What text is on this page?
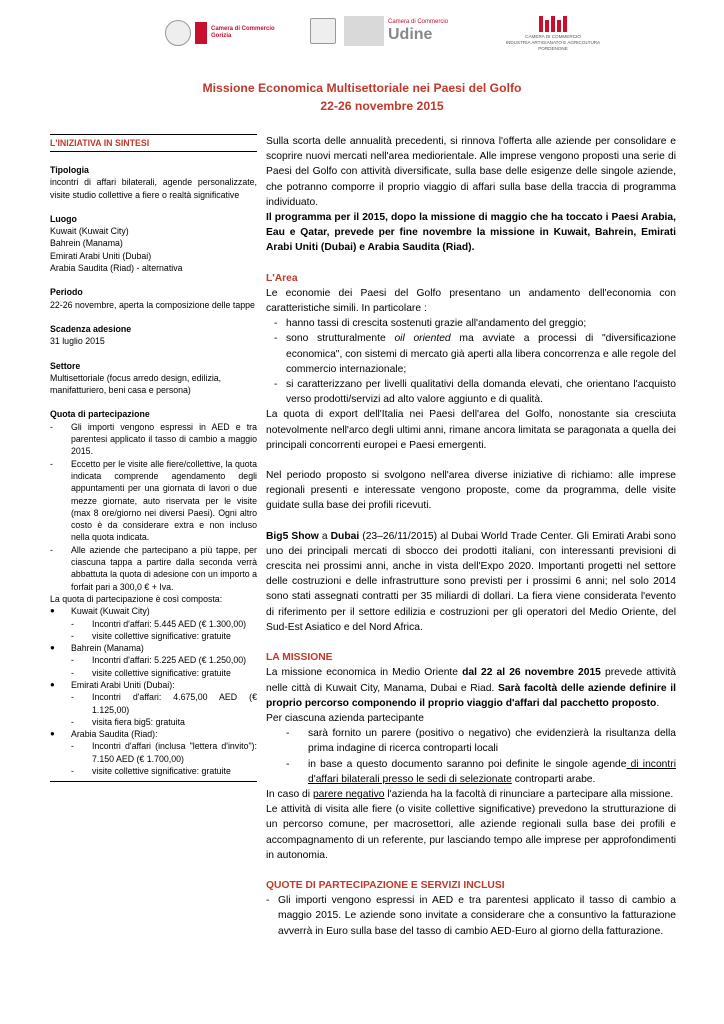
Camera di Commercio
Gorizia
Camera di Commercio
Udine	CAMERA DI COMMERCIO
INDUSTRIA ARTIGIANATO E AGRICOLTURA
PORDENONE
Missione Economica Multisettoriale nei Paesi del Golfo
22-26 novembre 2015
L'INIZIATIVA IN SINTESI
Tipologia
incontri di affari bilaterali, agende personalizzate, visite studio collettive a fiere o realtà significative
Luogo
Kuwait (Kuwait City)
Bahrein (Manama)
Emirati Arabi Uniti (Dubai)
Arabia Saudita (Riad) - alternativa
Periodo
22-26 novembre, aperta la composizione delle tappe
Scadenza adesione
31 luglio 2015
Settore
Multisettoriale (focus arredo design, edilizia, manifatturiero, beni casa e persona)
Quota di partecipazione
-	Gli importi vengono espressi in AED e tra parentesi applicato il tasso di cambio a maggio 2015.
-	Eccetto per le visite alle fiere/collettive, la quota indicata comprende agendamento degli appuntamenti per una giornata di lavori o due mezze giornate, auto riservata per le visite (max 8 ore/giorno nei diversi Paesi). Ogni altro costo è da considerare extra e non incluso nella quota indicata.
-	Alle aziende che partecipano a più tappe, per ciascuna tappa a partire dalla seconda verrà abbattuta la quota di adesione con un importo a forfait pari a 300,0 € + Iva.
La quota di partecipazione è così composta:
●	Kuwait (Kuwait City)
-	Incontri d'affari: 5.445 AED (€ 1.300,00)
-	visite collettive significative: gratuite
●	Bahrein (Manama)
-	Incontri d'affari: 5.225 AED (€ 1.250,00)
-	visite collettive significative: gratuite
●	Emirati Arabi Uniti (Dubai):
-	Incontri d'affari: 4.675,00 AED (€ 1.125,00)
-	visita fiera big5: gratuita
●	Arabia Saudita (Riad):
-	Incontri d'affari (inclusa "lettera d'invito"): 7.150 AED (€ 1.700,00)
-	visite collettive significative: gratuite

Sulla scorta delle annualità precedenti, si rinnova l'offerta alle aziende per consolidare e scoprire nuovi mercati nell'area mediorientale. Alle imprese vengono proposti una serie di Paesi del Golfo con attività diversificate, sulla base delle esigenze delle singole aziende, che potranno comporre il proprio viaggio di affari sulla base della traccia di programma individuato.

Il programma per il 2015, dopo la missione di maggio che ha toccato i Paesi Arabia, Eau e Qatar, prevede per fine novembre la missione in Kuwait, Bahrein, Emirati Arabi Uniti (Dubai) e Arabia Saudita (Riad).

L'Area

Le economie dei Paesi del Golfo presentano un andamento dell'economia con caratteristiche simili. In particolare :

- hanno tassi di crescita sostenuti grazie all'andamento del greggio;
- sono strutturalmente oil oriented ma avviate a processi di "diversificazione economica", con sistemi di mercato già aperti alla libera concorrenza e alle regole del commercio internazionale;
- si caratterizzano per livelli qualitativi della domanda elevati, che orientano l'acquisto verso prodotti/servizi ad alto valore aggiunto e di qualità.

La quota di export dell'Italia nei Paesi dell'area del Golfo, nonostante sia cresciuta notevolmente nell'arco degli ultimi anni, rimane ancora limitata se paragonata a quella dei principali concorrenti europei e Paesi emergenti.

Nel periodo proposto si svolgono nell'area diverse iniziative di richiamo: alle imprese regionali presenti e interessate vengono proposte, come da programma, delle visite guidate sulla base dei profili ricevuti.

Big5 Show a Dubai (23–26/11/2015) al Dubai World Trade Center. Gli Emirati Arabi sono uno dei principali mercati di sbocco dei prodotti italiani, con interessanti previsioni di crescita nei prossimi anni, anche in vista dell'Expo 2020. Importanti progetti nel settore delle costruzioni e delle infrastrutture sono previsti per i prossimi 6 anni; nel solo 2014 sono stati assegnati contratti per 35 miliardi di dollari. La fiera viene considerata l'evento di riferimento per il settore edilizia e costruzioni per gli operatori del Medio Oriente, del Sud-Est Asiatico e del Nord Africa.

LA MISSIONE

La missione economica in Medio Oriente dal 22 al 26 novembre 2015 prevede attività nelle città di Kuwait City, Manama, Dubai e Riad. Sarà facoltà delle aziende definire il proprio percorso componendo il proprio viaggio d'affari dal pacchetto proposto.

Per ciascuna azienda partecipante

-	sarà fornito un parere (positivo o negativo) che evidenzierà la risultanza della prima indagine di ricerca controparti locali
-	in base a questo documento saranno poi definite le singole agende di incontri d'affari bilaterali presso le sedi di selezionate controparti arabe.

In caso di parere negativo l'azienda ha la facoltà di rinunciare a partecipare alla missione.

Le attività di visita alle fiere (o visite collettive significative) prevedono la strutturazione di un percorso comune, per macrosettori, alle aziende regionali sulla base dei profili e accompagnamento di un referente, pur lasciando tempo alle imprese per approfondimenti in autonomia.

QUOTE DI PARTECIPAZIONE E SERVIZI INCLUSI

- Gli importi vengono espressi in AED e tra parentesi applicato il tasso di cambio a maggio 2015. Le aziende sono invitate a considerare che a consuntivo la fatturazione avverrà in Euro sulla base del tasso di cambio AED-Euro al giorno della fatturazione.
